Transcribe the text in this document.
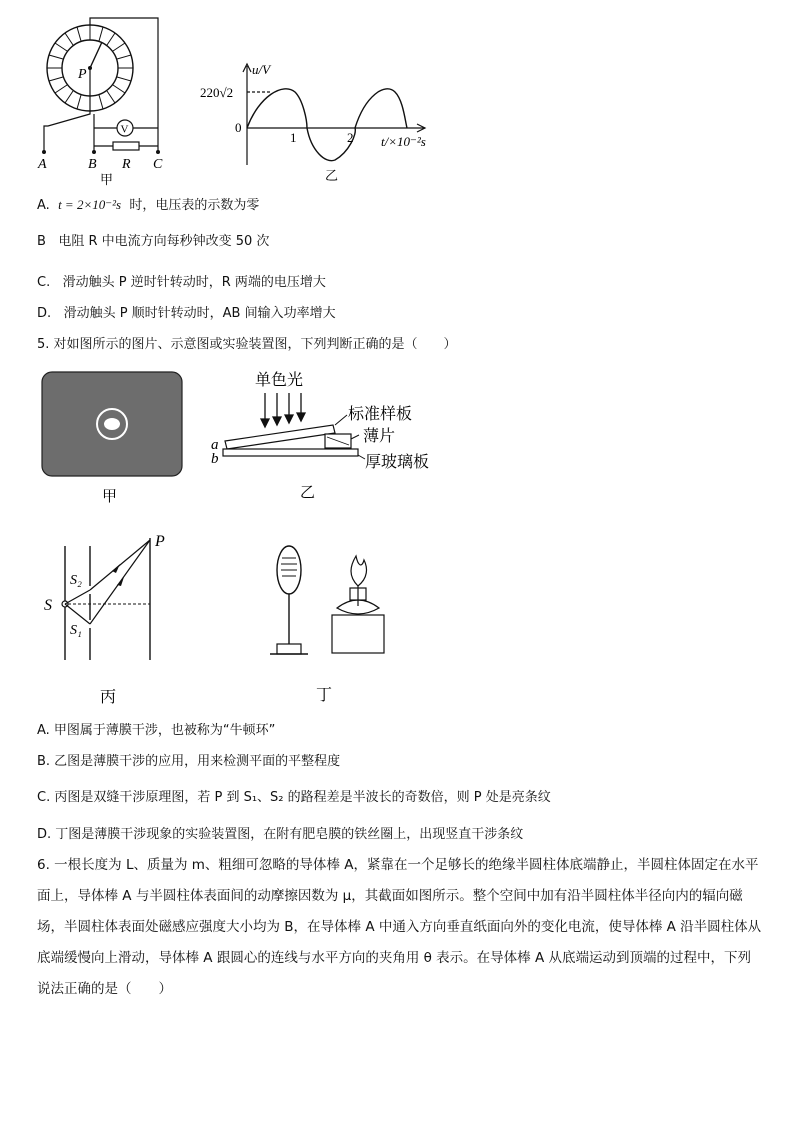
P
V
R
A	B	C
甲
u/V
220√2
0
1	2 t/×10⁻²s
乙
A. t = 2×10⁻²s 时，电压表的示数为零
B 电阻 R 中电流方向每秒钟改变 50 次
C. 滑动触头 P 逆时针转动时，R 两端的电压增大
D. 滑动触头 P 顺时针转动时，AB 间输入功率增大
5. 对如图所示的图片、示意图或实验装置图，下列判断正确的是（　　）
甲
单色光
标准样板
薄片
厚玻璃板
a
b
乙
P
S
S₂
S₁
丙	丁
A. 甲图属于薄膜干涉，也被称为“牛顿环”
B. 乙图是薄膜干涉的应用，用来检测平面的平整程度
C. 丙图是双缝干涉原理图，若 P 到 S₁、S₂ 的路程差是半波长的奇数倍，则 P 处是亮条纹
D. 丁图是薄膜干涉现象的实验装置图，在附有肥皂膜的铁丝圈上，出现竖直干涉条纹
6. 一根长度为 L、质量为 m、粗细可忽略的导体棒 A，紧靠在一个足够长的绝缘半圆柱体底端静止，半圆柱体固定在水平面上，导体棒 A 与半圆柱体表面间的动摩擦因数为 μ，其截面如图所示。整个空间中加有沿半圆柱体半径向内的辐向磁场，半圆柱体表面处磁感应强度大小均为 B，在导体棒 A 中通入方向垂直纸面向外的变化电流，使导体棒 A 沿半圆柱体从底端缓慢向上滑动，导体棒 A 跟圆心的连线与水平方向的夹角用 θ 表示。在导体棒 A 从底端运动到顶端的过程中，下列说法正确的是（　　）
